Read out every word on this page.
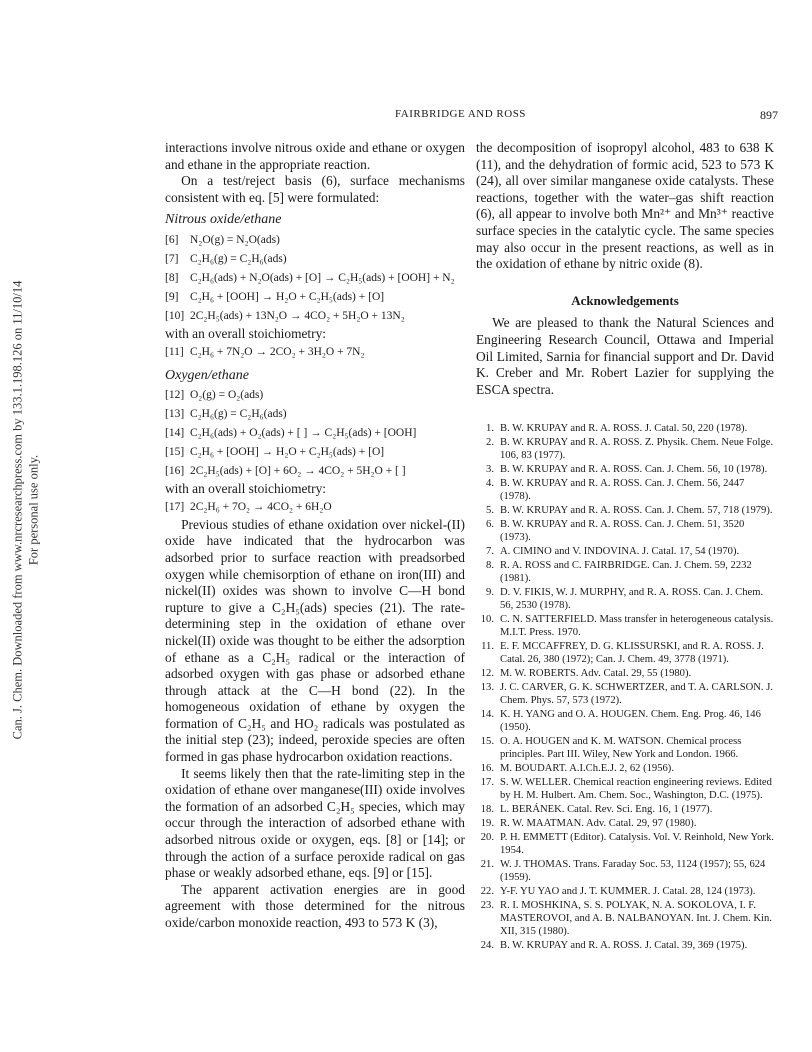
Can. J. Chem. Downloaded from www.nrcresearchpress.com by 133.1.198.126 on 11/10/14 For personal use only.
FAIRBRIDGE AND ROSS	897

interactions involve nitrous oxide and ethane or oxygen and ethane in the appropriate reaction.

On a test/reject basis (6), surface mechanisms consistent with eq. [5] were formulated:

Nitrous oxide/ethane
[6]	N₂O(g) = N₂O(ads)
[7]	C₂H₆(g) = C₂H₆(ads)
[8]	C₂H₆(ads) + N₂O(ads) + [O] → C₂H₅(ads) + [OOH] + N₂
[9]	C₂H₆ + [OOH] → H₂O + C₂H₅(ads) + [O]
[10] 2C₂H₅(ads) + 13N₂O → 4CO₂ + 5H₂O + 13N₂

with an overall stoichiometry:

[11] C₂H₆ + 7N₂O → 2CO₂ + 3H₂O + 7N₂
Oxygen/ethane
[12] O₂(g) = O₂(ads)
[13] C₂H₆(g) = C₂H₆(ads)
[14] C₂H₆(ads) + O₂(ads) + [ ] → C₂H₅(ads) + [OOH]
[15] C₂H₆ + [OOH] → H₂O + C₂H₅(ads) + [O]
[16] 2C₂H₅(ads) + [O] + 6O₂ → 4CO₂ + 5H₂O + [ ]

with an overall stoichiometry:

[17] 2C₂H₆ + 7O₂ → 4CO₂ + 6H₂O

Previous studies of ethane oxidation over nickel-(II) oxide have indicated that the hydrocarbon was adsorbed prior to surface reaction with preadsorbed oxygen while chemisorption of ethane on iron(III) and nickel(II) oxides was shown to involve C—H bond rupture to give a C₂H₅(ads) species (21). The rate-determining step in the oxidation of ethane over nickel(II) oxide was thought to be either the adsorption of ethane as a C₂H₅ radical or the interaction of adsorbed oxygen with gas phase or adsorbed ethane through attack at the C—H bond (22). In the homogeneous oxidation of ethane by oxygen the formation of C₂H₅ and HO₂ radicals was postulated as the initial step (23); indeed, peroxide species are often formed in gas phase hydrocarbon oxidation reactions.

It seems likely then that the rate-limiting step in the oxidation of ethane over manganese(III) oxide involves the formation of an adsorbed C₂H₅ species, which may occur through the interaction of adsorbed ethane with adsorbed nitrous oxide or oxygen, eqs. [8] or [14]; or through the action of a surface peroxide radical on gas phase or weakly adsorbed ethane, eqs. [9] or [15].

The apparent activation energies are in good agreement with those determined for the nitrous oxide/carbon monoxide reaction, 493 to 573 K (3),

the decomposition of isopropyl alcohol, 483 to 638 K (11), and the dehydration of formic acid, 523 to 573 K (24), all over similar manganese oxide catalysts. These reactions, together with the water–gas shift reaction (6), all appear to involve both Mn²⁺ and Mn³⁺ reactive surface species in the catalytic cycle. The same species may also occur in the present reactions, as well as in the oxidation of ethane by nitric oxide (8).

Acknowledgements

We are pleased to thank the Natural Sciences and Engineering Research Council, Ottawa and Imperial Oil Limited, Sarnia for financial support and Dr. David K. Creber and Mr. Robert Lazier for supplying the ESCA spectra.

1. B. W. KRUPAY and R. A. ROSS. J. Catal. 50, 220 (1978).
2. B. W. KRUPAY and R. A. ROSS. Z. Physik. Chem. Neue Folge. 106, 83 (1977).
3. B. W. KRUPAY and R. A. ROSS. Can. J. Chem. 56, 10 (1978).
4. B. W. KRUPAY and R. A. ROSS. Can. J. Chem. 56, 2447 (1978).
5. B. W. KRUPAY and R. A. ROSS. Can. J. Chem. 57, 718 (1979).
6. B. W. KRUPAY and R. A. ROSS. Can. J. Chem. 51, 3520 (1973).
7. A. CIMINO and V. INDOVINA. J. Catal. 17, 54 (1970).
8. R. A. ROSS and C. FAIRBRIDGE. Can. J. Chem. 59, 2232 (1981).
9. D. V. FIKIS, W. J. MURPHY, and R. A. ROSS. Can. J. Chem. 56, 2530 (1978).
10. C. N. SATTERFIELD. Mass transfer in heterogeneous catalysis. M.I.T. Press. 1970.
11. E. F. MCCAFFREY, D. G. KLISSURSKI, and R. A. ROSS. J. Catal. 26, 380 (1972); Can. J. Chem. 49, 3778 (1971).
12. M. W. ROBERTS. Adv. Catal. 29, 55 (1980).
13. J. C. CARVER, G. K. SCHWERTZER, and T. A. CARLSON. J. Chem. Phys. 57, 573 (1972).
14. K. H. YANG and O. A. HOUGEN. Chem. Eng. Prog. 46, 146 (1950).
15. O. A. HOUGEN and K. M. WATSON. Chemical process principles. Part III. Wiley, New York and London. 1966.
16. M. BOUDART. A.I.Ch.E.J. 2, 62 (1956).
17. S. W. WELLER. Chemical reaction engineering reviews. Edited by H. M. Hulbert. Am. Chem. Soc., Washington, D.C. (1975).
18. L. BERÁNEK. Catal. Rev. Sci. Eng. 16, 1 (1977).
19. R. W. MAATMAN. Adv. Catal. 29, 97 (1980).
20. P. H. EMMETT (Editor). Catalysis. Vol. V. Reinhold, New York. 1954.
21. W. J. THOMAS. Trans. Faraday Soc. 53, 1124 (1957); 55, 624 (1959).
22. Y-F. YU YAO and J. T. KUMMER. J. Catal. 28, 124 (1973).
23. R. I. MOSHKINA, S. S. POLYAK, N. A. SOKOLOVA, I. F. MASTEROVOI, and A. B. NALBANOYAN. Int. J. Chem. Kin. XII, 315 (1980).
24. B. W. KRUPAY and R. A. ROSS. J. Catal. 39, 369 (1975).
